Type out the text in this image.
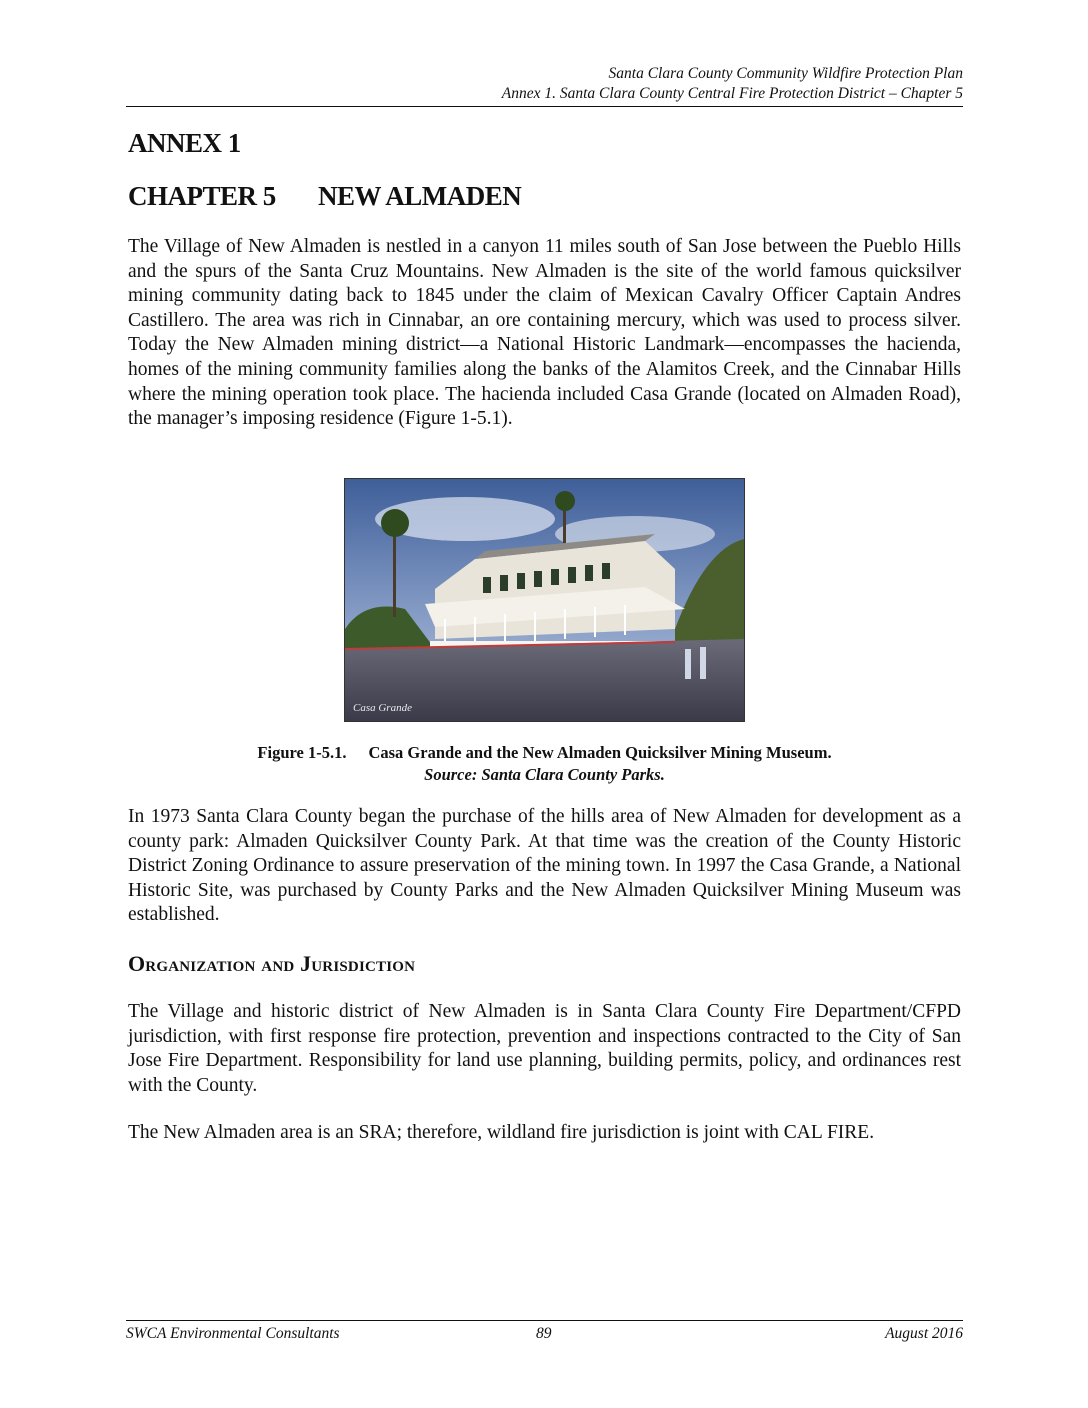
Santa Clara County Community Wildfire Protection Plan
Annex 1. Santa Clara County Central Fire Protection District – Chapter 5
ANNEX 1
CHAPTER 5 NEW ALMADEN

The Village of New Almaden is nestled in a canyon 11 miles south of San Jose between the Pueblo Hills and the spurs of the Santa Cruz Mountains. New Almaden is the site of the world famous quicksilver mining community dating back to 1845 under the claim of Mexican Cavalry Officer Captain Andres Castillero. The area was rich in Cinnabar, an ore containing mercury, which was used to process silver. Today the New Almaden mining district—a National Historic Landmark—encompasses the hacienda, homes of the mining community families along the banks of the Alamitos Creek, and the Cinnabar Hills where the mining operation took place. The hacienda included Casa Grande (located on Almaden Road), the manager’s imposing residence (Figure 1-5.1).

Casa Grande
Figure 1-5.1. Casa Grande and the New Almaden Quicksilver Mining Museum.
Source: Santa Clara County Parks.

In 1973 Santa Clara County began the purchase of the hills area of New Almaden for development as a county park: Almaden Quicksilver County Park. At that time was the creation of the County Historic District Zoning Ordinance to assure preservation of the mining town. In 1997 the Casa Grande, a National Historic Site, was purchased by County Parks and the New Almaden Quicksilver Mining Museum was established.

Organization and Jurisdiction

The Village and historic district of New Almaden is in Santa Clara County Fire Department/CFPD jurisdiction, with first response fire protection, prevention and inspections contracted to the City of San Jose Fire Department. Responsibility for land use planning, building permits, policy, and ordinances rest with the County.

The New Almaden area is an SRA; therefore, wildland fire jurisdiction is joint with CAL FIRE.

SWCA Environmental Consultants	89	August 2016
